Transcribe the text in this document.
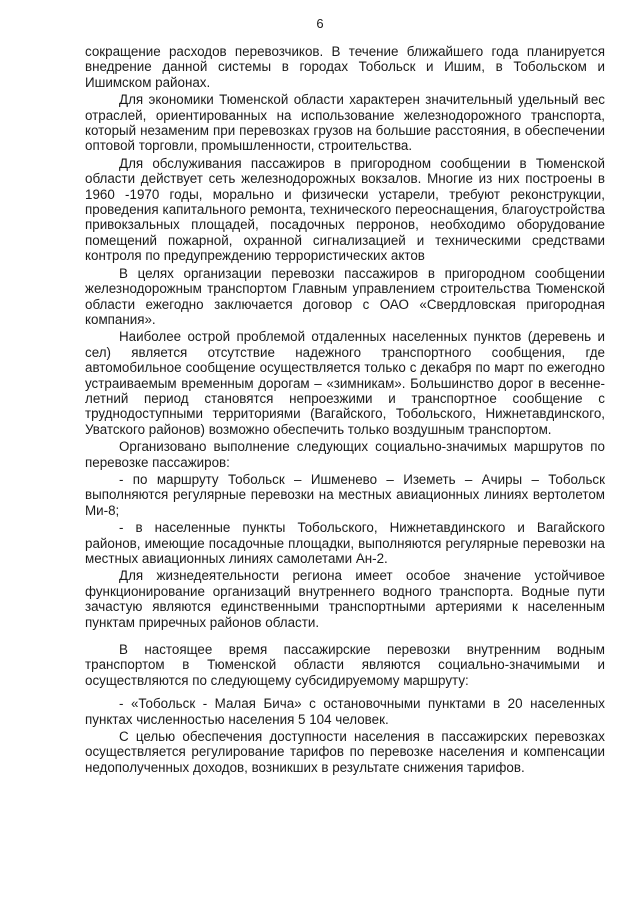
6

сокращение расходов перевозчиков. В течение ближайшего года планируется внедрение данной системы в городах Тобольск и Ишим, в Тобольском и Ишимском районах.

Для экономики Тюменской области характерен значительный удельный вес отраслей, ориентированных на использование железнодорожного транспорта, который незаменим при перевозках грузов на большие расстояния, в обеспечении оптовой торговли, промышленности, строительства.

Для обслуживания пассажиров в пригородном сообщении в Тюменской области действует сеть железнодорожных вокзалов. Многие из них построены в 1960 -1970 годы, морально и физически устарели, требуют реконструкции, проведения капитального ремонта, технического переоснащения, благоустройства привокзальных площадей, посадочных перронов, необходимо оборудование помещений пожарной, охранной сигнализацией и техническими средствами контроля по предупреждению террористических актов

В целях организации перевозки пассажиров в пригородном сообщении железнодорожным транспортом Главным управлением строительства Тюменской области ежегодно заключается договор с ОАО «Свердловская пригородная компания».

Наиболее острой проблемой отдаленных населенных пунктов (деревень и сел) является отсутствие надежного транспортного сообщения, где автомобильное сообщение осуществляется только с декабря по март по ежегодно устраиваемым временным дорогам – «зимникам». Большинство дорог в весенне-летний период становятся непроезжими и транспортное сообщение с труднодоступными территориями (Вагайского, Тобольского, Нижнетавдинского, Уватского районов) возможно обеспечить только воздушным транспортом.

Организовано выполнение следующих социально-значимых маршрутов по перевозке пассажиров:

- по маршруту Тобольск – Ишменево – Иземеть – Ачиры – Тобольск выполняются регулярные перевозки на местных авиационных линиях вертолетом Ми-8;

- в населенные пункты Тобольского, Нижнетавдинского и Вагайского районов, имеющие посадочные площадки, выполняются регулярные перевозки на местных авиационных линиях самолетами Ан-2.

Для жизнедеятельности региона имеет особое значение устойчивое функционирование организаций внутреннего водного транспорта. Водные пути зачастую являются единственными транспортными артериями к населенным пунктам приречных районов области.

В настоящее время пассажирские перевозки внутренним водным транспортом в Тюменской области являются социально-значимыми и осуществляются по следующему субсидируемому маршруту:

- «Тобольск - Малая Бича» с остановочными пунктами в 20 населенных пунктах численностью населения 5 104 человек.

С целью обеспечения доступности населения в пассажирских перевозках осуществляется регулирование тарифов по перевозке населения и компенсации недополученных доходов, возникших в результате снижения тарифов.
